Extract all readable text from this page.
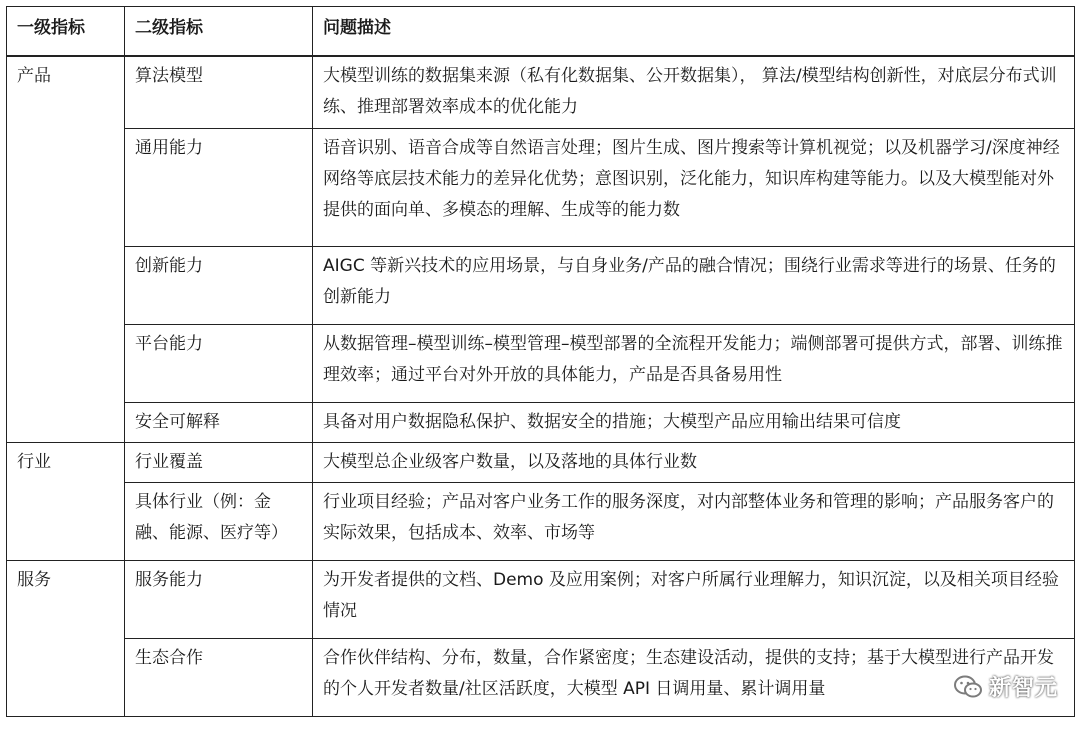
一级指标	二级指标	问题描述
产品	算法模型	大模型训练的数据集来源（私有化数据集、公开数据集）， 算法/模型结构创新性，对底层分布式训练、推理部署效率成本的优化能力
	通用能力	语音识别、语音合成等自然语言处理；图片生成、图片搜索等计算机视觉；以及机器学习/深度神经网络等底层技术能力的差异化优势；意图识别，泛化能力，知识库构建等能力。以及大模型能对外提供的面向单、多模态的理解、生成等的能力数
	创新能力	AIGC 等新兴技术的应用场景，与自身业务/产品的融合情况；围绕行业需求等进行的场景、任务的创新能力
	平台能力	从数据管理–模型训练–模型管理–模型部署的全流程开发能力；端侧部署可提供方式，部署、训练推理效率；通过平台对外开放的具体能力，产品是否具备易用性
	安全可解释	具备对用户数据隐私保护、数据安全的措施；大模型产品应用输出结果可信度
行业	行业覆盖	大模型总企业级客户数量，以及落地的具体行业数
	具体行业（例：金融、能源、医疗等）	行业项目经验；产品对客户业务工作的服务深度，对内部整体业务和管理的影响；产品服务客户的实际效果，包括成本、效率、市场等
服务	服务能力	为开发者提供的文档、Demo 及应用案例；对客户所属行业理解力，知识沉淀，以及相关项目经验情况
	生态合作	合作伙伴结构、分布，数量，合作紧密度；生态建设活动，提供的支持；基于大模型进行产品开发的个人开发者数量/社区活跃度，大模型 API 日调用量、累计调用量	新智元
